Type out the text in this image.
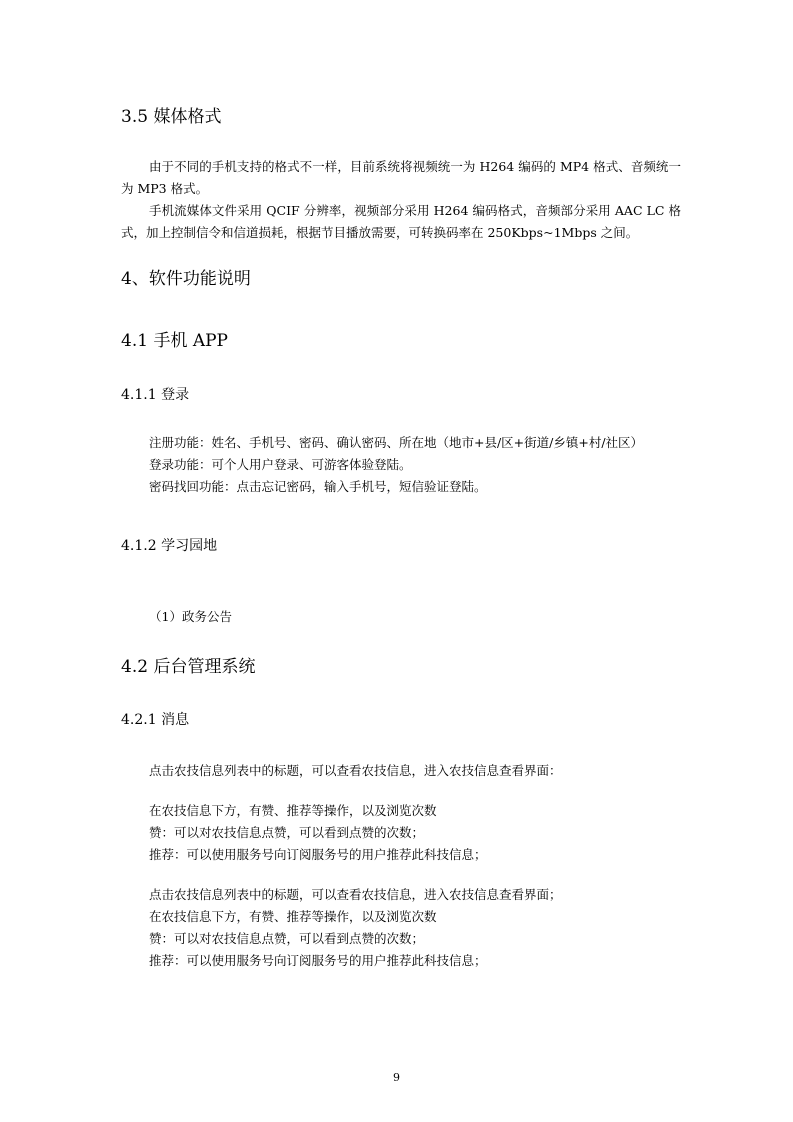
3.5 媒体格式
由于不同的手机支持的格式不一样，目前系统将视频统一为 H264 编码的 MP4 格式、音频统一为 MP3 格式。
手机流媒体文件采用 QCIF 分辨率，视频部分采用 H264 编码格式，音频部分采用 AAC LC 格式，加上控制信令和信道损耗，根据节目播放需要，可转换码率在 250Kbps~1Mbps 之间。
4、软件功能说明
4.1 手机 APP
4.1.1 登录
注册功能：姓名、手机号、密码、确认密码、所在地（地市+县/区+街道/乡镇+村/社区）
登录功能：可个人用户登录、可游客体验登陆。
密码找回功能：点击忘记密码，输入手机号，短信验证登陆。
4.1.2 学习园地
（1）政务公告
4.2 后台管理系统
4.2.1 消息
点击农技信息列表中的标题，可以查看农技信息，进入农技信息查看界面：
在农技信息下方，有赞、推荐等操作，以及浏览次数
赞：可以对农技信息点赞，可以看到点赞的次数；
推荐：可以使用服务号向订阅服务号的用户推荐此科技信息；
点击农技信息列表中的标题，可以查看农技信息，进入农技信息查看界面；
在农技信息下方，有赞、推荐等操作，以及浏览次数
赞：可以对农技信息点赞，可以看到点赞的次数；
推荐：可以使用服务号向订阅服务号的用户推荐此科技信息；
9
